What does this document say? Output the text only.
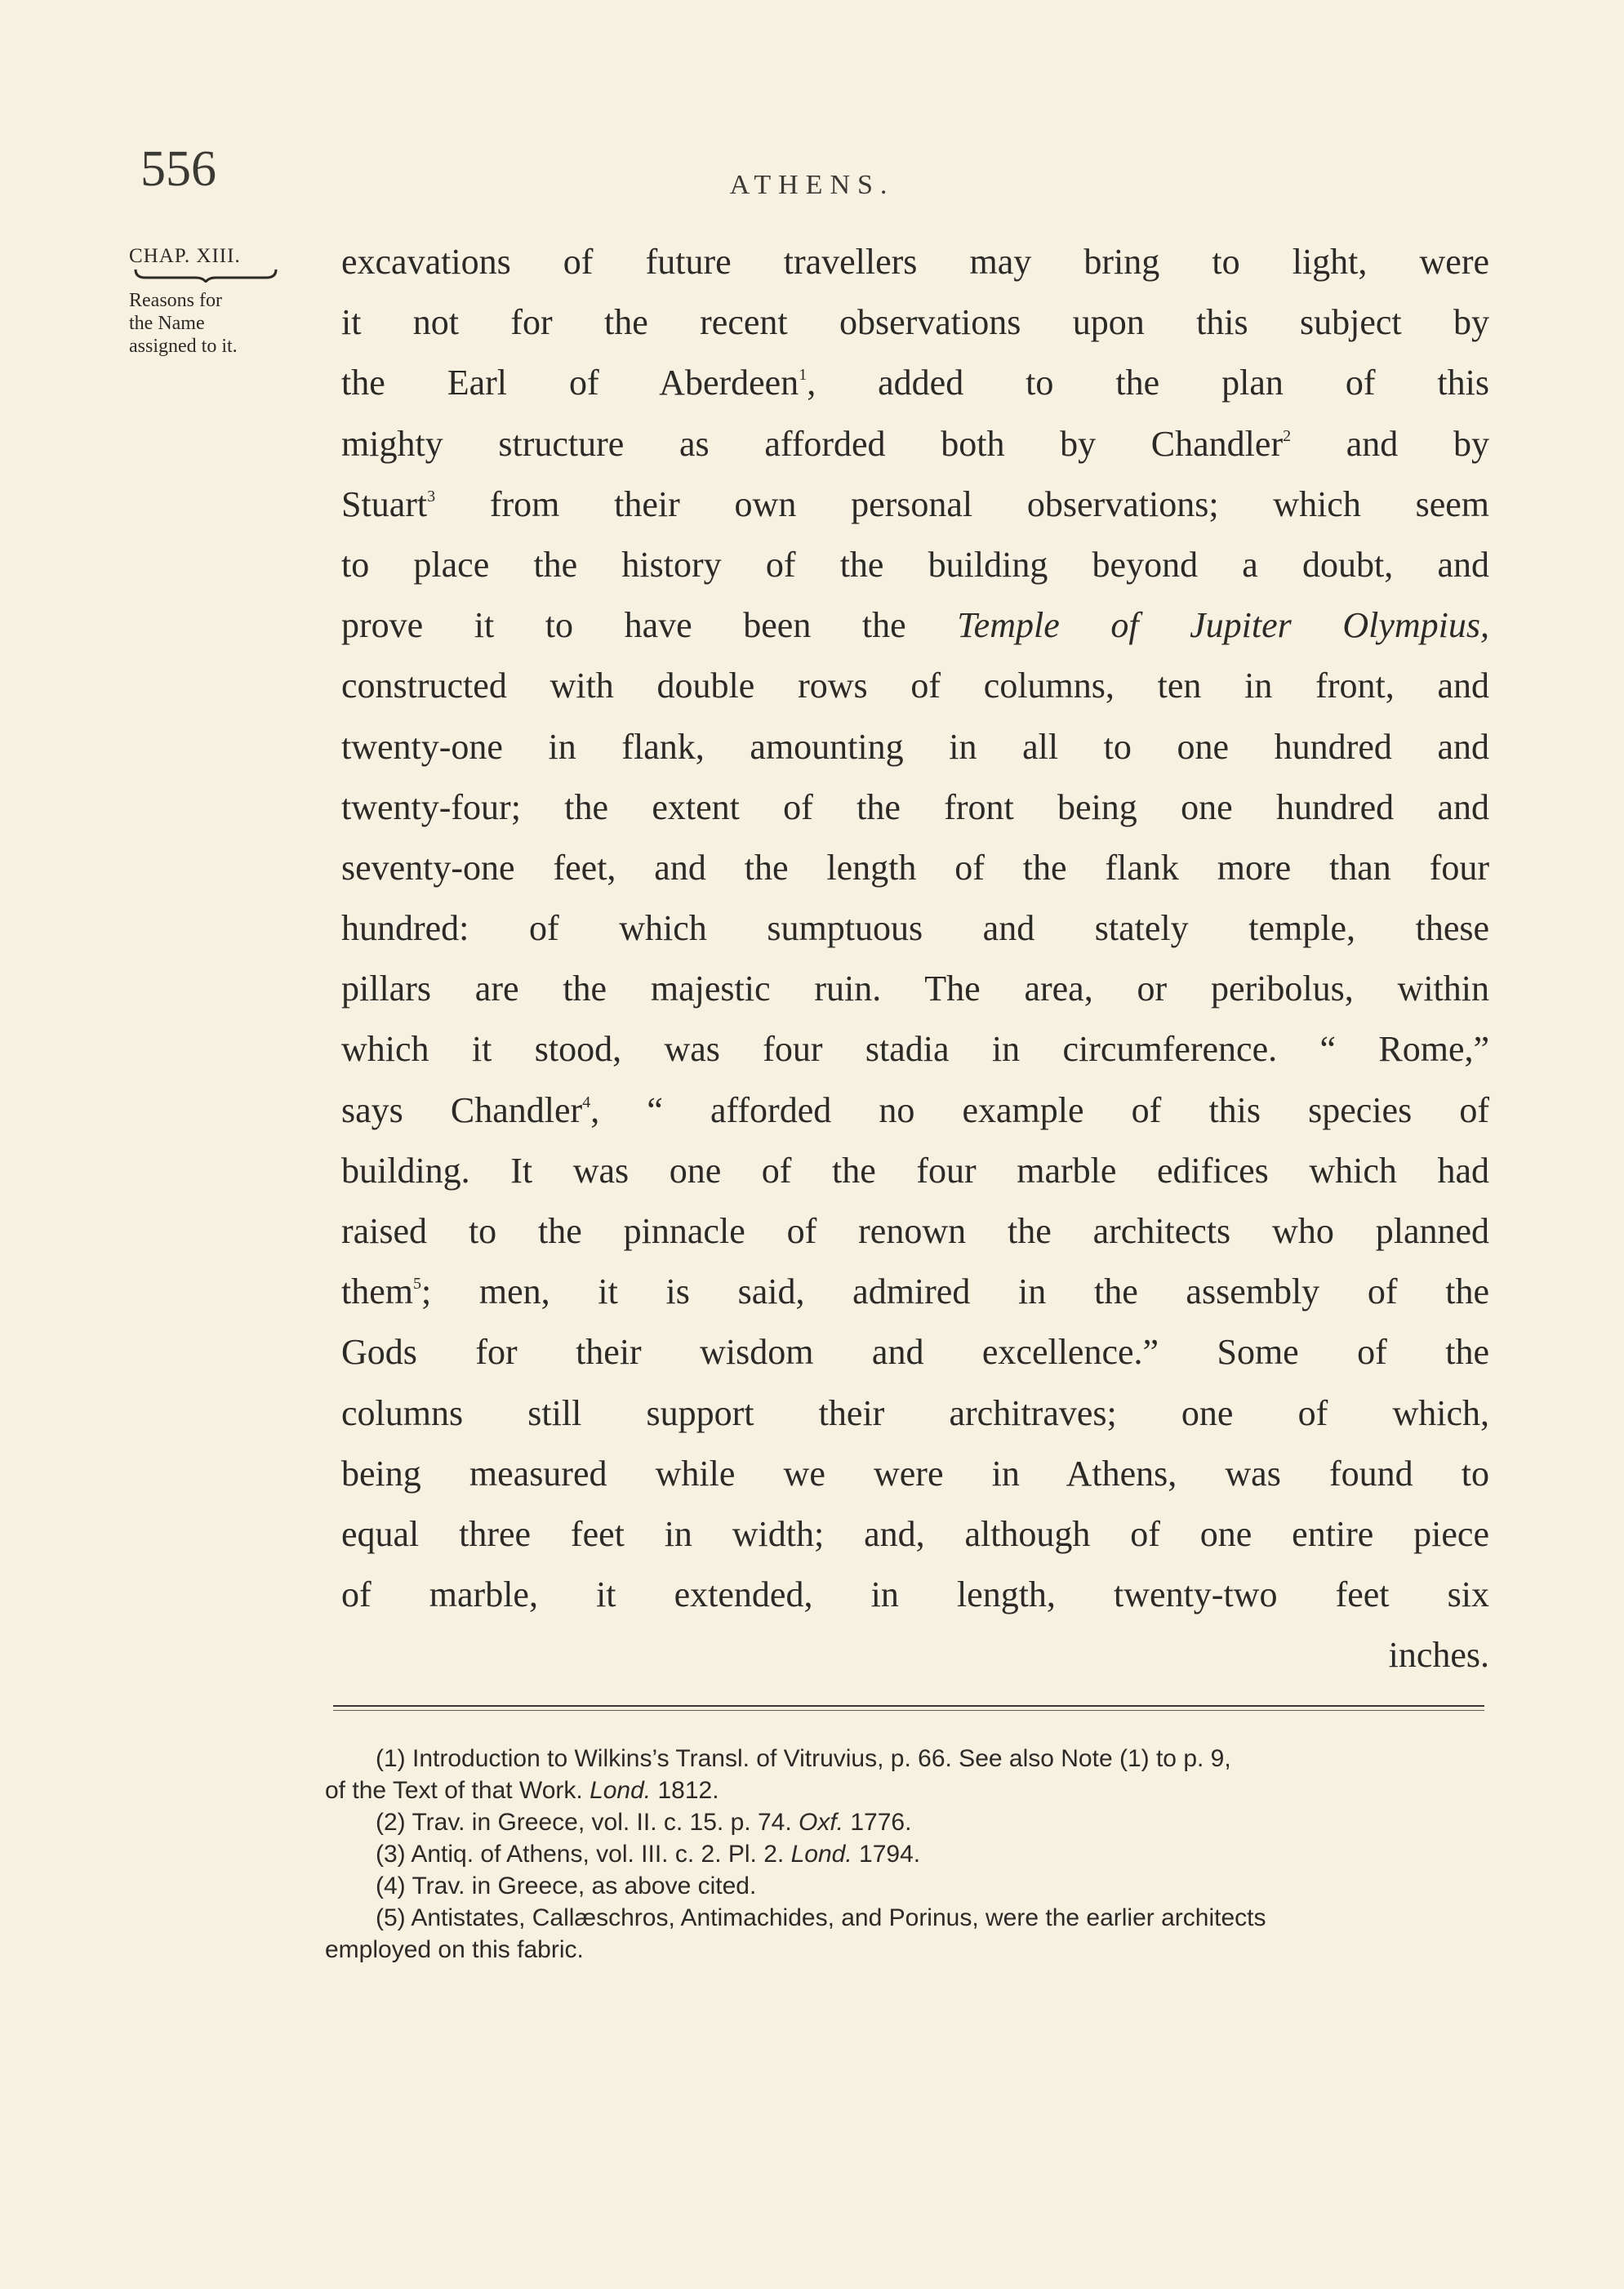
556	ATHENS.
CHAP. XIII.
Reasons for
the Name
assigned to it.
excavations of future travellers may bring to light, were
it not for the recent observations upon this subject by
the Earl of Aberdeen$^1$, added to the plan of this
mighty structure as afforded both by Chandler$^2$ and by
Stuart$^3$ from their own personal observations; which seem
to place the history of the building beyond a doubt, and
prove it to have been the Temple of Jupiter Olympius,
constructed with double rows of columns, ten in front, and
twenty-one in flank, amounting in all to one hundred and
twenty-four; the extent of the front being one hundred and
seventy-one feet, and the length of the flank more than four
hundred: of which sumptuous and stately temple, these
pillars are the majestic ruin. The area, or peribolus, within
which it stood, was four stadia in circumference. “ Rome,”
says Chandler$^4$, “ afforded no example of this species of
building. It was one of the four marble edifices which had
raised to the pinnacle of renown the architects who planned
them$^5$; men, it is said, admired in the assembly of the
Gods for their wisdom and excellence.” Some of the
columns still support their architraves; one of which,
being measured while we were in Athens, was found to
equal three feet in width; and, although of one entire piece
of marble, it extended, in length, twenty-two feet six
inches.
(1) Introduction to Wilkins’s Transl. of Vitruvius, p. 66. See also Note (1) to p. 9,
of the Text of that Work. Lond. 1812.
(2) Trav. in Greece, vol. II. c. 15. p. 74. Oxf. 1776.
(3) Antiq. of Athens, vol. III. c. 2. Pl. 2. Lond. 1794.
(4) Trav. in Greece, as above cited.
(5) Antistates, Callæschros, Antimachides, and Porinus, were the earlier architects
employed on this fabric.
